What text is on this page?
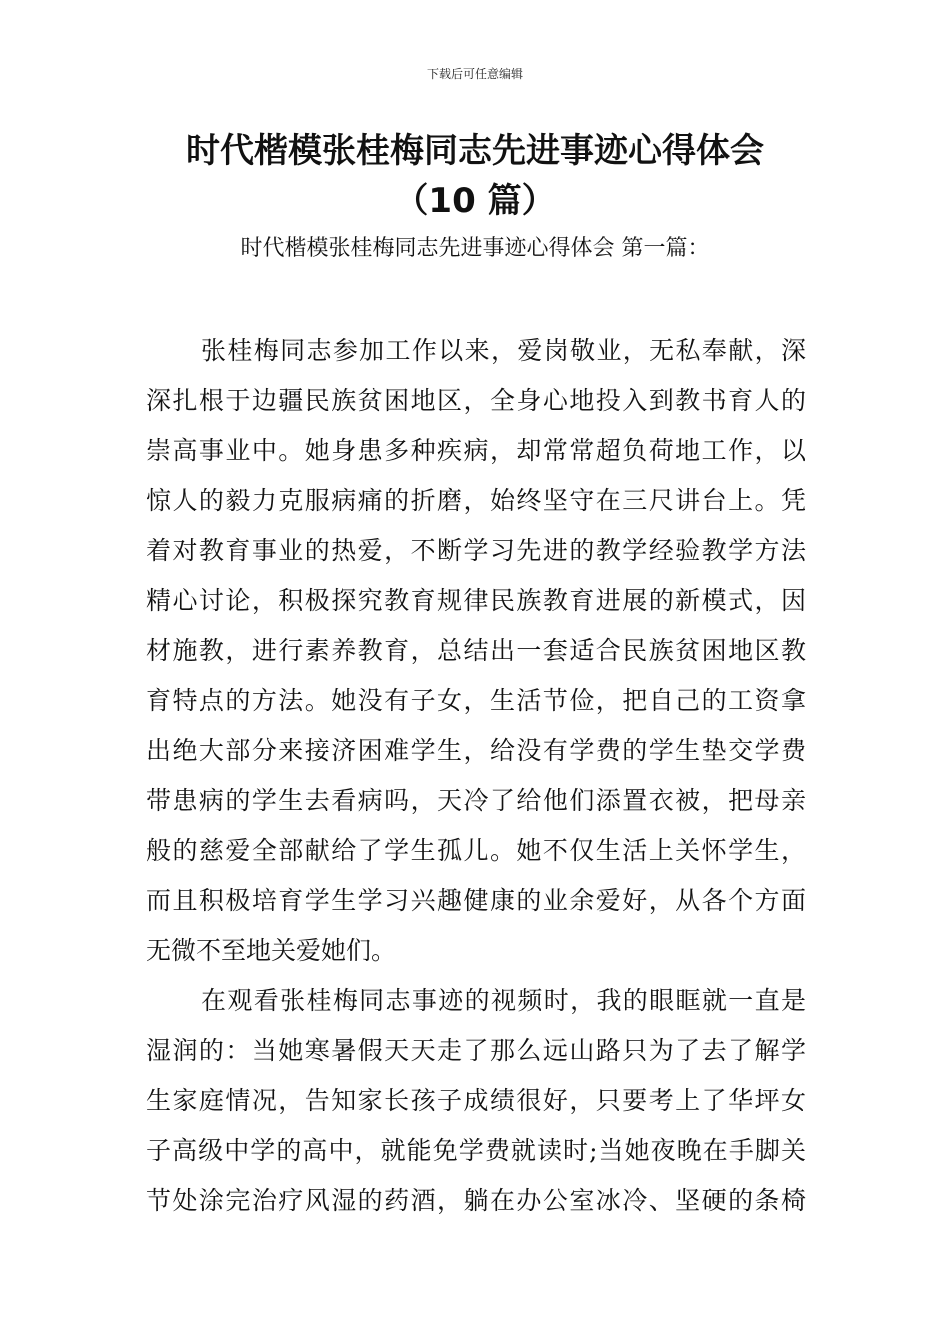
下载后可任意编辑
时代楷模张桂梅同志先进事迹心得体会
（10 篇）
时代楷模张桂梅同志先进事迹心得体会 第一篇：

张桂梅同志参加工作以来，爱岗敬业，无私奉献，深

深扎根于边疆民族贫困地区，全身心地投入到教书育人的

崇高事业中。她身患多种疾病，却常常超负荷地工作，以

惊人的毅力克服病痛的折磨，始终坚守在三尺讲台上。凭

着对教育事业的热爱，不断学习先进的教学经验教学方法

精心讨论，积极探究教育规律民族教育进展的新模式，因

材施教，进行素养教育，总结出一套适合民族贫困地区教

育特点的方法。她没有子女，生活节俭，把自己的工资拿

出绝大部分来接济困难学生，给没有学费的学生垫交学费

带患病的学生去看病吗，天冷了给他们添置衣被，把母亲

般的慈爱全部献给了学生孤儿。她不仅生活上关怀学生，

而且积极培育学生学习兴趣健康的业余爱好，从各个方面

无微不至地关爱她们。

在观看张桂梅同志事迹的视频时，我的眼眶就一直是

湿润的：当她寒暑假天天走了那么远山路只为了去了解学

生家庭情况，告知家长孩子成绩很好，只要考上了华坪女

子高级中学的高中，就能免学费就读时;当她夜晚在手脚关

节处涂完治疗风湿的药酒，躺在办公室冰冷、坚硬的条椅
